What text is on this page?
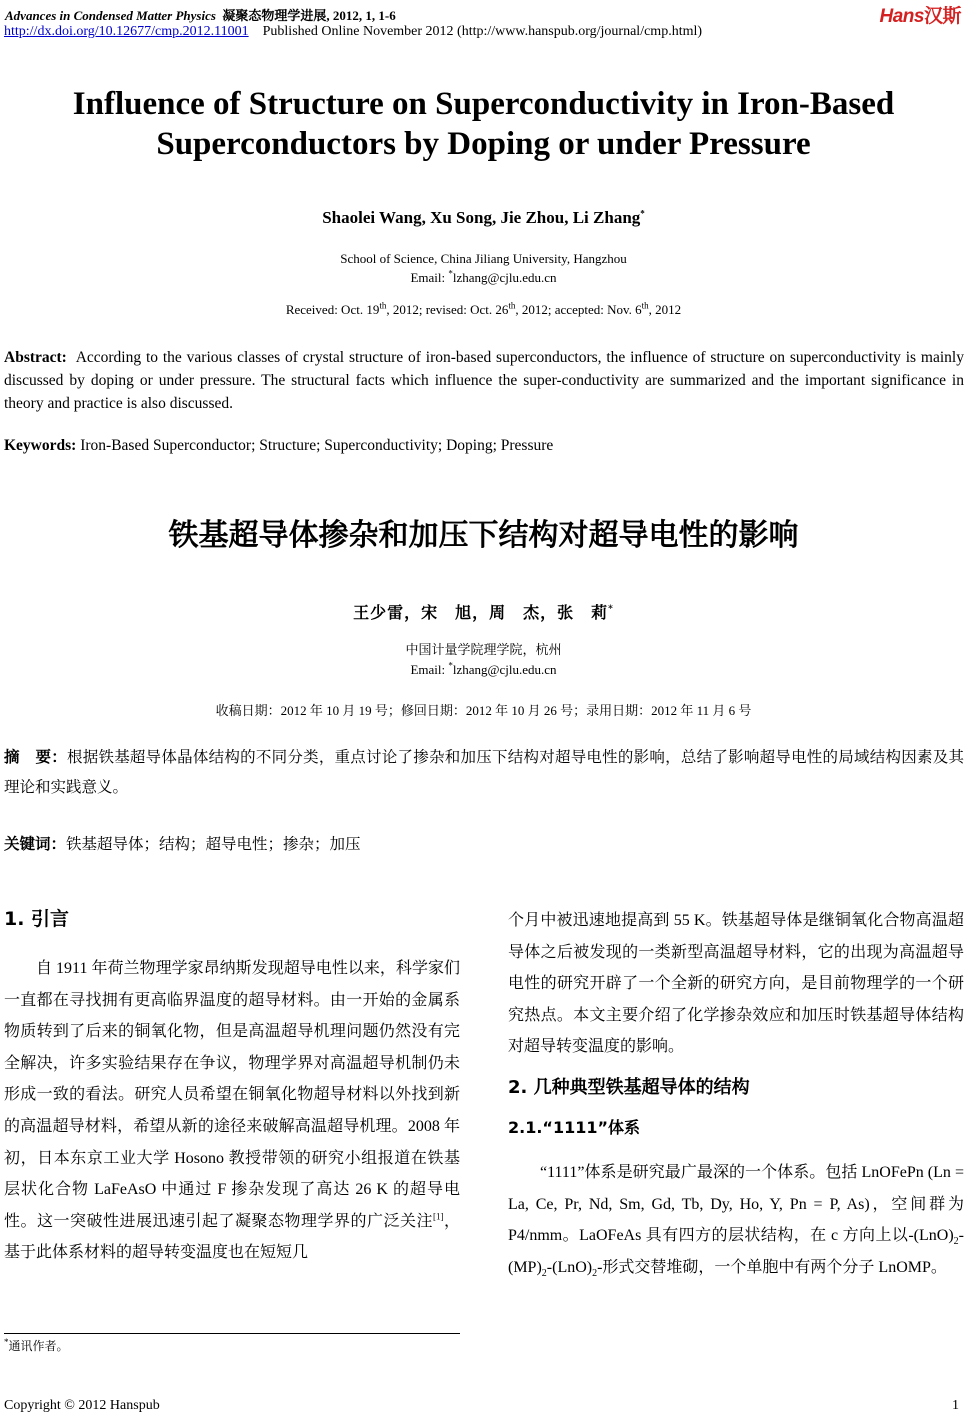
Advances in Condensed Matter Physics 凝聚态物理学进展, 2012, 1, 1-6	Hans汉斯
http://dx.doi.org/10.12677/cmp.2012.11001 Published Online November 2012 (http://www.hanspub.org/journal/cmp.html)
Influence of Structure on Superconductivity in Iron-Based
Superconductors by Doping or under Pressure
Shaolei Wang, Xu Song, Jie Zhou, Li Zhang*
School of Science, China Jiliang University, Hangzhou
Email: *lzhang@cjlu.edu.cn
Received: Oct. 19th, 2012; revised: Oct. 26th, 2012; accepted: Nov. 6th, 2012
Abstract: According to the various classes of crystal structure of iron-based superconductors, the influence of structure on superconductivity is mainly discussed by doping or under pressure. The structural facts which influence the super-conductivity are summarized and the important significance in theory and practice is also discussed.
Keywords: Iron-Based Superconductor; Structure; Superconductivity; Doping; Pressure
铁基超导体掺杂和加压下结构对超导电性的影响
王少雷，宋　旭，周　杰，张　莉*
中国计量学院理学院，杭州
Email: *lzhang@cjlu.edu.cn
收稿日期：2012 年 10 月 19 号；修回日期：2012 年 10 月 26 号；录用日期：2012 年 11 月 6 号
摘　要：根据铁基超导体晶体结构的不同分类，重点讨论了掺杂和加压下结构对超导电性的影响，总结了影响超导电性的局域结构因素及其理论和实践意义。
关键词：铁基超导体；结构；超导电性；掺杂；加压
1. 引言

自 1911 年荷兰物理学家昂纳斯发现超导电性以来，科学家们一直都在寻找拥有更高临界温度的超导材料。由一开始的金属系物质转到了后来的铜氧化物，但是高温超导机理问题仍然没有完全解决，许多实验结果存在争议，物理学界对高温超导机制仍未形成一致的看法。研究人员希望在铜氧化物超导材料以外找到新的高温超导材料，希望从新的途径来破解高温超导机理。2008 年初，日本东京工业大学 Hosono 教授带领的研究小组报道在铁基层状化合物 LaFeAsO 中通过 F 掺杂发现了高达 26 K 的超导电性。这一突破性进展迅速引起了凝聚态物理学界的广泛关注[1]，基于此体系材料的超导转变温度也在短短几

个月中被迅速地提高到 55 K。铁基超导体是继铜氧化合物高温超导体之后被发现的一类新型高温超导材料，它的出现为高温超导电性的研究开辟了一个全新的研究方向，是目前物理学的一个研究热点。本文主要介绍了化学掺杂效应和加压时铁基超导体结构对超导转变温度的影响。

2. 几种典型铁基超导体的结构
2.1.“1111”体系

“1111”体系是研究最广最深的一个体系。包括 LnOFePn (Ln = La, Ce, Pr, Nd, Sm, Gd, Tb, Dy, Ho, Y, Pn = P, As)，空间群为 P4/nmm。LaOFeAs 具有四方的层状结构，在 c 方向上以$-(LnO)_2-(MP)_2-(LnO)_2-$形式交替堆砌，一个单胞中有两个分子 LnOMP。

*通讯作者。
Copyright © 2012 Hanspub	1
